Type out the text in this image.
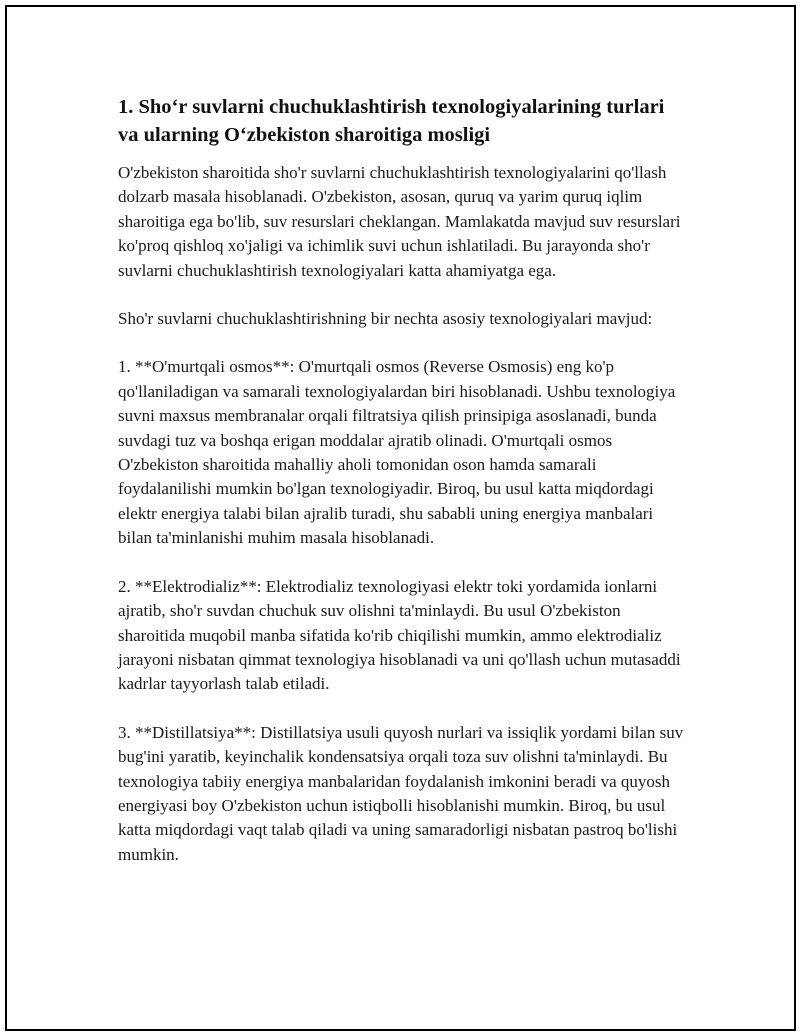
1. Sho‘r suvlarni chuchuklashtirish texnologiyalarining turlari va ularning O‘zbekiston sharoitiga mosligi

O'zbekiston sharoitida sho'r suvlarni chuchuklashtirish texnologiyalarini qo'llash dolzarb masala hisoblanadi. O'zbekiston, asosan, quruq va yarim quruq iqlim sharoitiga ega bo'lib, suv resurslari cheklangan. Mamlakatda mavjud suv resurslari ko'proq qishloq xo'jaligi va ichimlik suvi uchun ishlatiladi. Bu jarayonda sho'r suvlarni chuchuklashtirish texnologiyalari katta ahamiyatga ega.

Sho'r suvlarni chuchuklashtirishning bir nechta asosiy texnologiyalari mavjud:

1. **O'murtqali osmos**: O'murtqali osmos (Reverse Osmosis) eng ko'p qo'llaniladigan va samarali texnologiyalardan biri hisoblanadi. Ushbu texnologiya suvni maxsus membranalar orqali filtratsiya qilish prinsipiga asoslanadi, bunda suvdagi tuz va boshqa erigan moddalar ajratib olinadi. O'murtqali osmos O'zbekiston sharoitida mahalliy aholi tomonidan oson hamda samarali foydalanilishi mumkin bo'lgan texnologiyadir. Biroq, bu usul katta miqdordagi elektr energiya talabi bilan ajralib turadi, shu sababli uning energiya manbalari bilan ta'minlanishi muhim masala hisoblanadi.

2. **Elektrodializ**: Elektrodializ texnologiyasi elektr toki yordamida ionlarni ajratib, sho'r suvdan chuchuk suv olishni ta'minlaydi. Bu usul O'zbekiston sharoitida muqobil manba sifatida ko'rib chiqilishi mumkin, ammo elektrodializ jarayoni nisbatan qimmat texnologiya hisoblanadi va uni qo'llash uchun mutasaddi kadrlar tayyorlash talab etiladi.

3. **Distillatsiya**: Distillatsiya usuli quyosh nurlari va issiqlik yordami bilan suv bug'ini yaratib, keyinchalik kondensatsiya orqali toza suv olishni ta'minlaydi. Bu texnologiya tabiiy energiya manbalaridan foydalanish imkonini beradi va quyosh energiyasi boy O'zbekiston uchun istiqbolli hisoblanishi mumkin. Biroq, bu usul katta miqdordagi vaqt talab qiladi va uning samaradorligi nisbatan pastroq bo'lishi mumkin.
